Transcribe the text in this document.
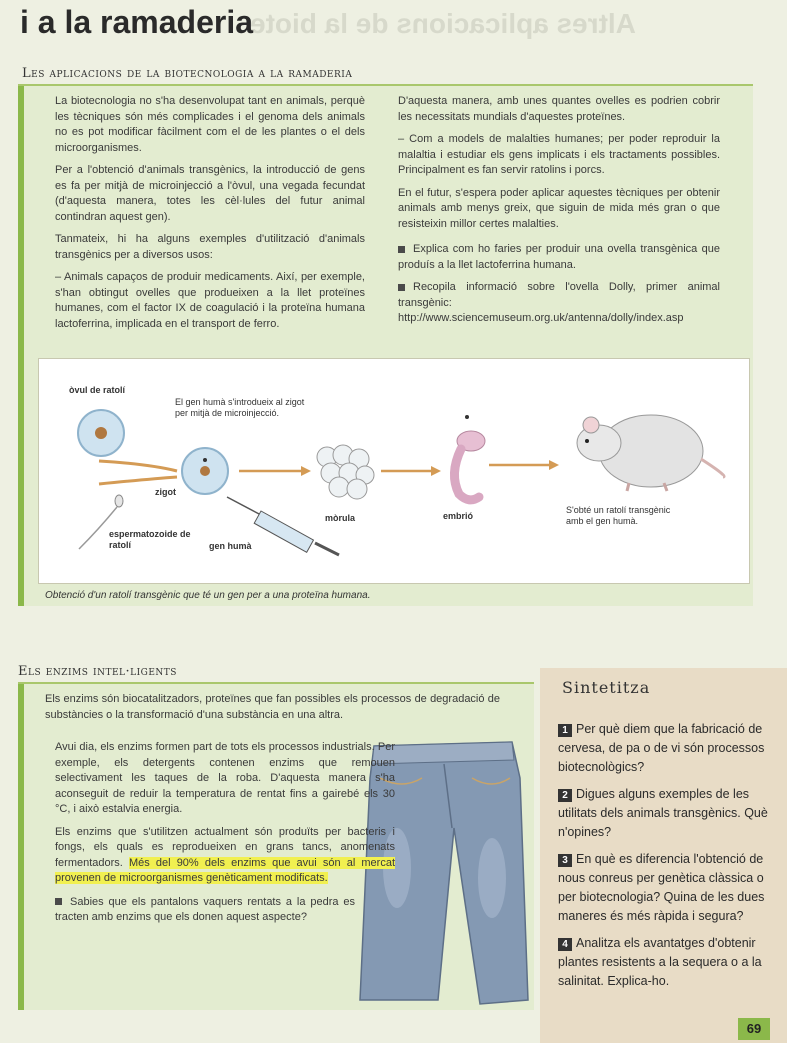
Altres aplicacions de la biote
i a la ramaderia
Les aplicacions de la biotecnologia a la ramaderia

La biotecnologia no s'ha desenvolupat tant en animals, perquè les tècniques són més complicades i el genoma dels animals no es pot modificar fàcilment com el de les plantes o el dels microorganismes.

Per a l'obtenció d'animals transgènics, la introducció de gens es fa per mitjà de microinjecció a l'òvul, una vegada fecundat (d'aquesta manera, totes les cèl·lules del futur animal contindran aquest gen).

Tanmateix, hi ha alguns exemples d'utilització d'animals transgènics per a diversos usos:

– Animals capaços de produir medicaments. Així, per exemple, s'han obtingut ovelles que produeixen a la llet proteïnes humanes, com el factor IX de coagulació i la proteïna humana lactoferrina, implicada en el transport de ferro.

D'aquesta manera, amb unes quantes ovelles es podrien cobrir les necessitats mundials d'aquestes proteïnes.

– Com a models de malalties humanes; per poder reproduir la malaltia i estudiar els gens implicats i els tractaments possibles. Principalment es fan servir ratolins i porcs.

En el futur, s'espera poder aplicar aquestes tècniques per obtenir animals amb menys greix, que siguin de mida més gran o que resisteixin millor certes malalties.

Explica com ho faries per produir una ovella transgènica que produís a la llet lactoferrina humana.

Recopila informació sobre l'ovella Dolly, primer animal transgènic: http://www.sciencemuseum.org.uk/antenna/dolly/index.asp

òvul de ratolí
El gen humà s'introdueix al zigot per mitjà de microinjecció.
zigot
espermatozoide de ratolí	gen humà
mòrula	embrió
S'obté un ratolí transgènic amb el gen humà.
Obtenció d'un ratolí transgènic que té un gen per a una proteïna humana.
Els enzims intel·ligents

Els enzims són biocatalitzadors, proteïnes que fan possibles els processos de degradació de substàncies o la transformació d'una substància en una altra.

Avui dia, els enzims formen part de tots els processos industrials. Per exemple, els detergents contenen enzims que remouen selectivament les taques de la roba. D'aquesta manera s'ha aconseguit de reduir la temperatura de rentat fins a gairebé els 30 °C, i això estalvia energia.

Els enzims que s'utilitzen actualment són produïts per bacteris i fongs, els quals es reprodueixen en grans tancs, anomenats fermentadors. Més del 90% dels enzims que avui són al mercat provenen de microorganismes genèticament modificats.

Sabies que els pantalons vaquers rentats a la pedra es tracten amb enzims que els donen aquest aspecte?

Sintetitza
1 Per què diem que la fabricació de cervesa, de pa o de vi són processos biotecnològics?
2 Digues alguns exemples de les utilitats dels animals transgènics. Què n'opines?
3 En què es diferencia l'obtenció de nous conreus per genètica clàssica o per biotecnologia? Quina de les dues maneres és més ràpida i segura?
4 Analitza els avantatges d'obtenir plantes resistents a la sequera o a la salinitat. Explica-ho.
69
